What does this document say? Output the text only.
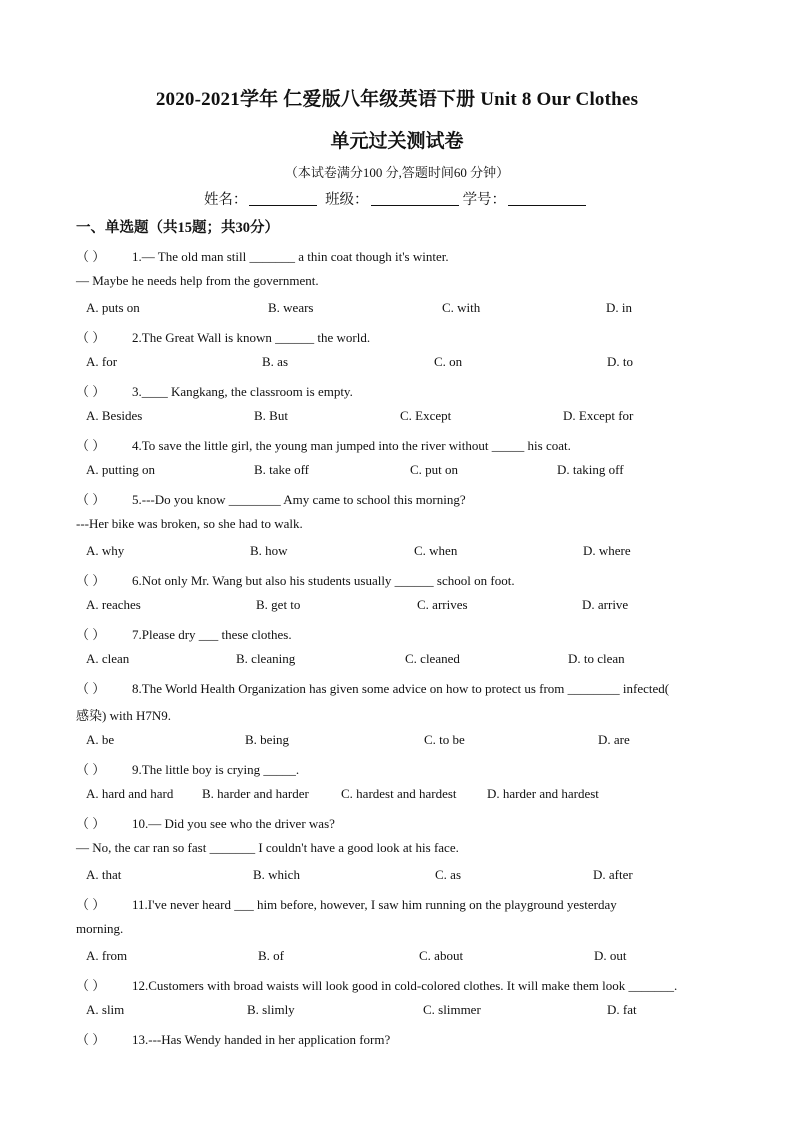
2020-2021学年 仁爱版八年级英语下册 Unit 8 Our Clothes
单元过关测试卷
（本试卷满分100 分,答题时间60 分钟）
姓名：	班级：	学号：
一、单选题（共15题；共30分）
（ ） 1.— The old man still _______ a thin coat though it's winter.
— Maybe he needs help from the government.
A. puts on	B. wears	C. with	D. in
（ ） 2.The Great Wall is known ______ the world.
A. for	B. as	C. on	D. to
（ ） 3.____ Kangkang, the classroom is empty.
A. Besides	B. But	C. Except	D. Except for
（ ） 4.To save the little girl, the young man jumped into the river without _____ his coat.
A. putting on	B. take off	C. put on	D. taking off
（ ） 5.---Do you know ________ Amy came to school this morning?
---Her bike was broken, so she had to walk.
A. why	B. how	C. when	D. where
（ ） 6.Not only Mr. Wang but also his students usually ______ school on foot.
A. reaches	B. get to	C. arrives	D. arrive
（ ） 7.Please dry ___ these clothes.
A. clean	B. cleaning	C. cleaned	D. to clean
（ ） 8.The World Health Organization has given some advice on how to protect us from ________ infected(
感染) with H7N9.
A. be	B. being	C. to be	D. are
（ ） 9.The little boy is crying _____.
A. hard and hard B. harder and harder C. hardest and hardest D. harder and hardest
（ ） 10.— Did you see who the driver was?
— No, the car ran so fast _______ I couldn't have a good look at his face.
A. that	B. which	C. as	D. after
（ ） 11.I've never heard ___ him before, however, I saw him running on the playground yesterday
morning.
A. from	B. of	C. about	D. out
（ ） 12.Customers with broad waists will look good in cold-colored clothes. It will make them look _______.
A. slim	B. slimly	C. slimmer	D. fat
（ ） 13.---Has Wendy handed in her application form?
